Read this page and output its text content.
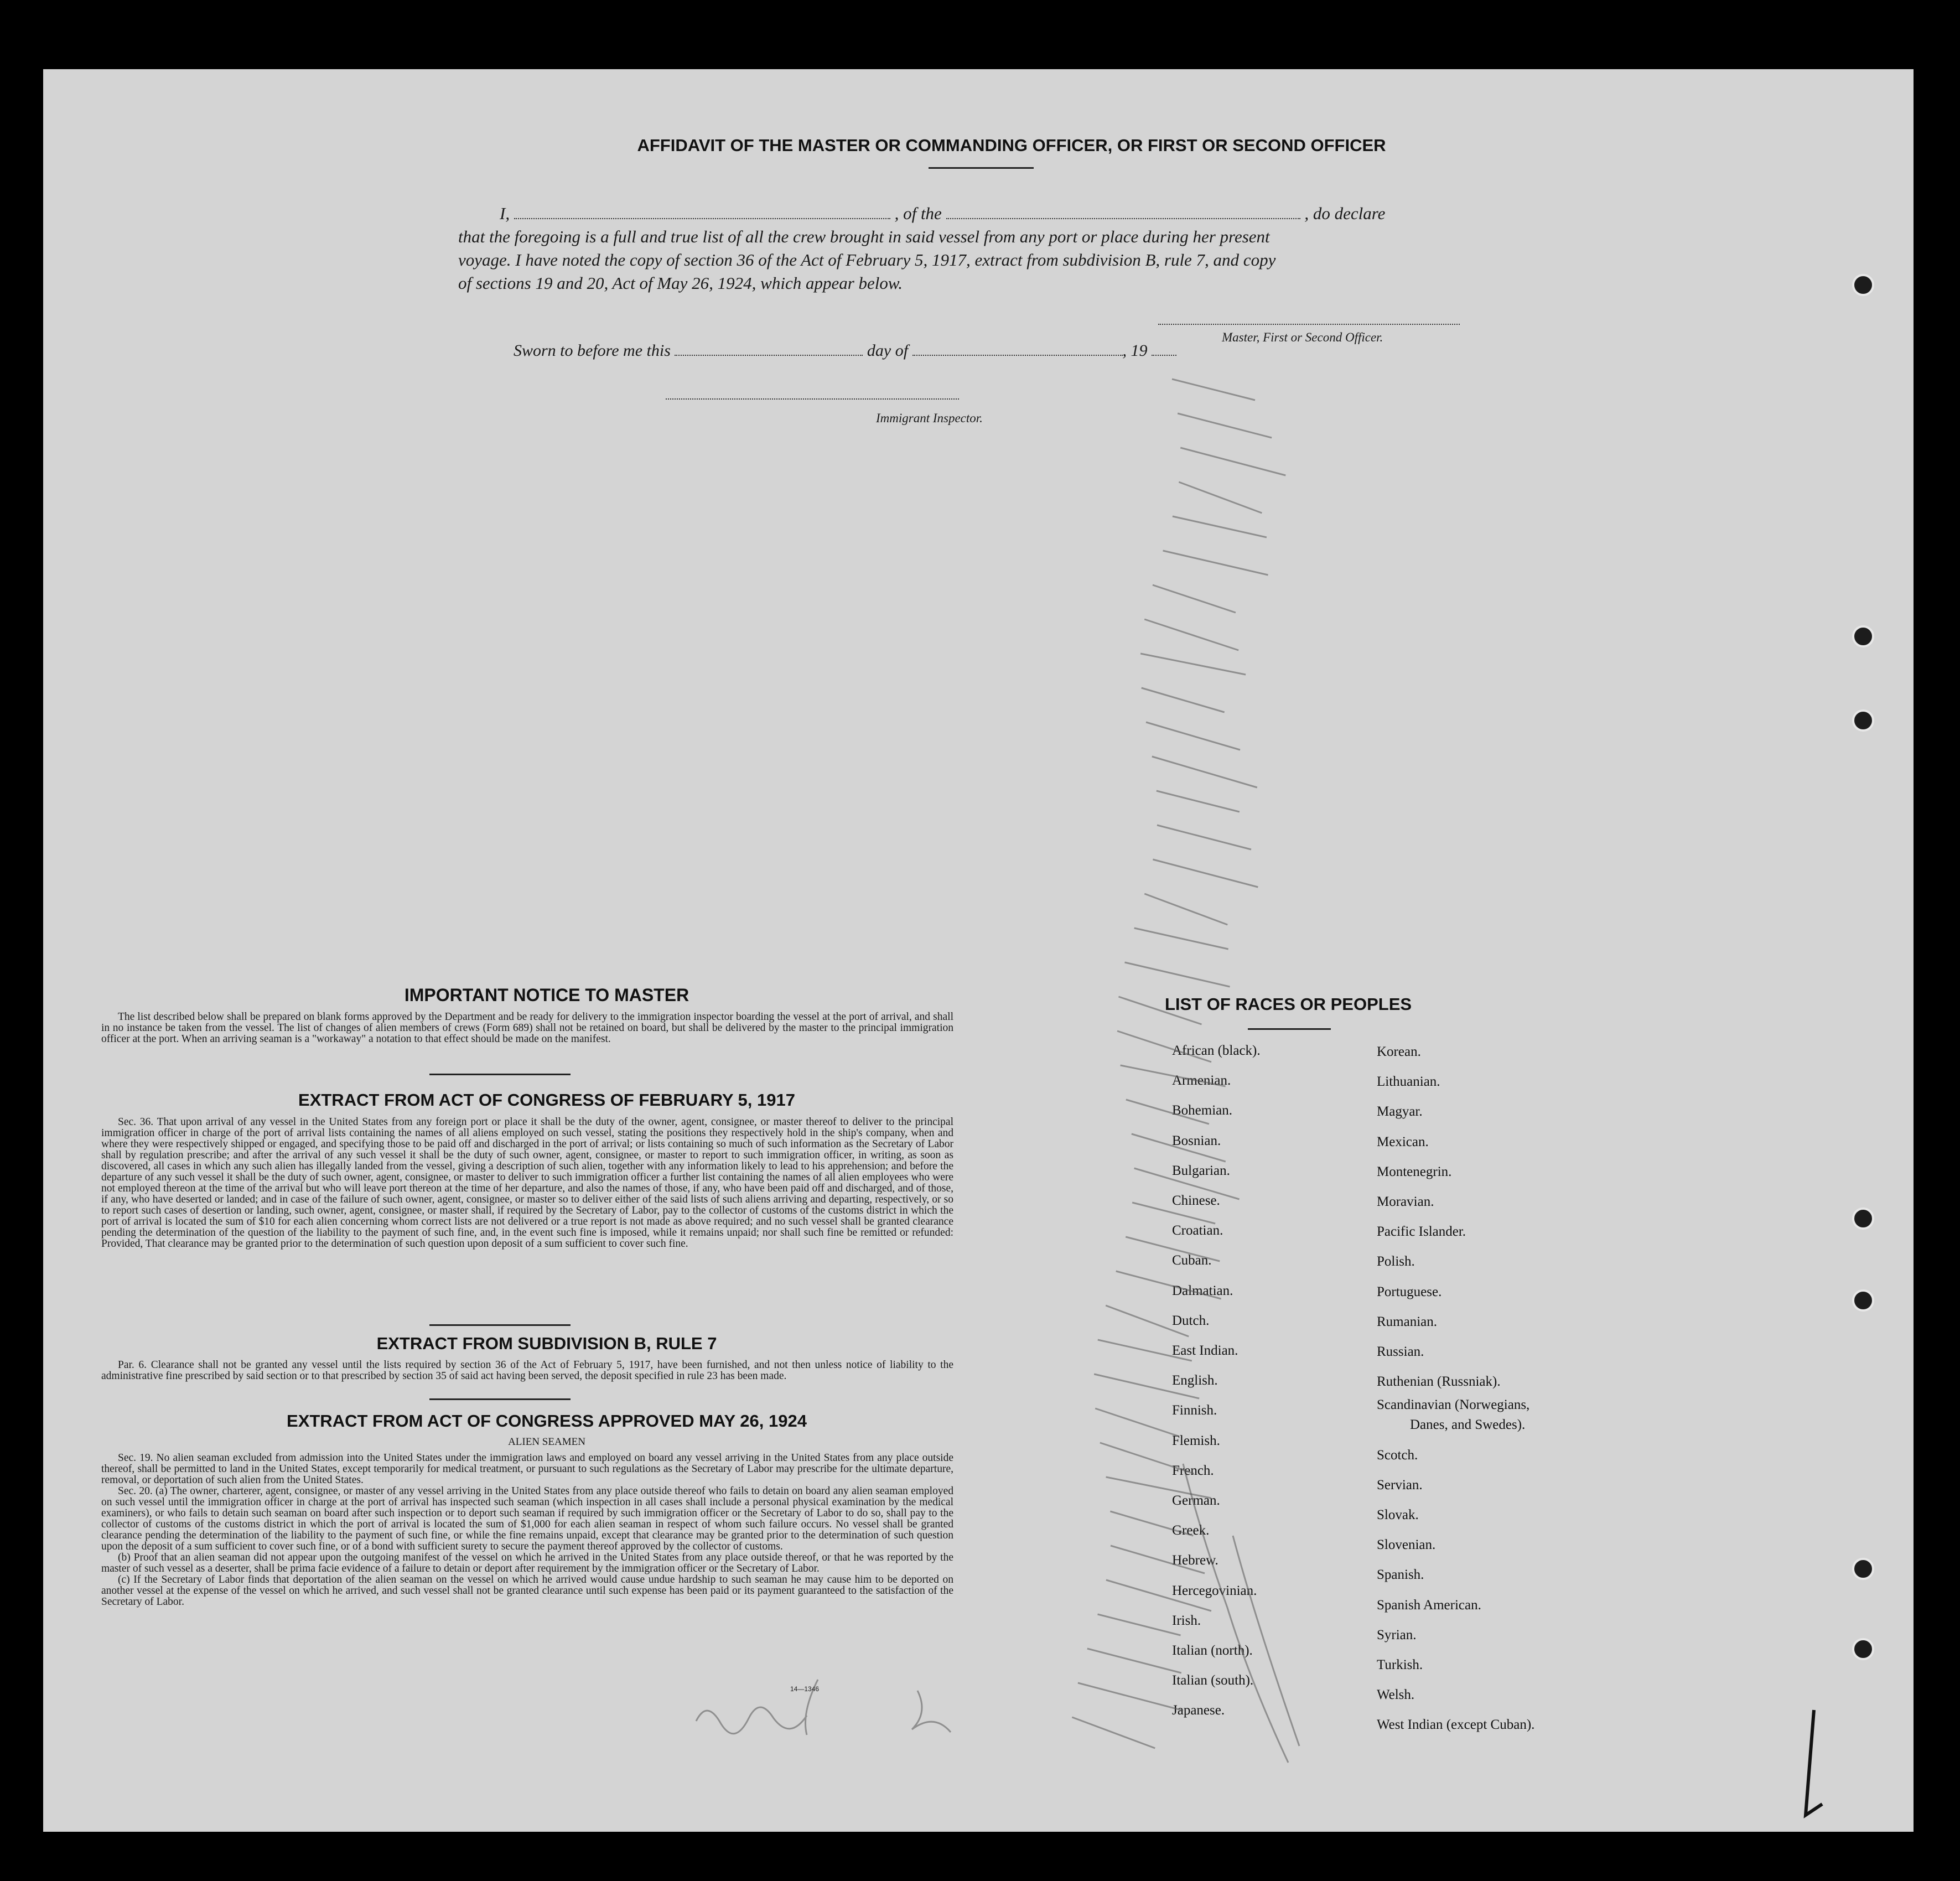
AFFIDAVIT OF THE MASTER OR COMMANDING OFFICER, OR FIRST OR SECOND OFFICER
I,	, of the	, do declare
that the foregoing is a full and true list of all the crew brought in said vessel from any port or place during her present
voyage. I have noted the copy of section 36 of the Act of February 5, 1917, extract from subdivision B, rule 7, and copy
of sections 19 and 20, Act of May 26, 1924, which appear below.
Master, First or Second Officer.
Sworn to before me this	day of	, 19
Immigrant Inspector.
IMPORTANT NOTICE TO MASTER

The list described below shall be prepared on blank forms approved by the Department and be ready for delivery to the immigration inspector boarding the vessel at the port of arrival, and shall in no instance be taken from the vessel. The list of changes of alien members of crews (Form 689) shall not be retained on board, but shall be delivered by the master to the principal immigration officer at the port. When an arriving seaman is a "workaway" a notation to that effect should be made on the manifest.

EXTRACT FROM ACT OF CONGRESS OF FEBRUARY 5, 1917

Sec. 36. That upon arrival of any vessel in the United States from any foreign port or place it shall be the duty of the owner, agent, consignee, or master thereof to deliver to the principal immigration officer in charge of the port of arrival lists containing the names of all aliens employed on such vessel, stating the positions they respectively hold in the ship's company, when and where they were respectively shipped or engaged, and specifying those to be paid off and discharged in the port of arrival; or lists containing so much of such information as the Secretary of Labor shall by regulation prescribe; and after the arrival of any such vessel it shall be the duty of such owner, agent, consignee, or master to report to such immigration officer, in writing, as soon as discovered, all cases in which any such alien has illegally landed from the vessel, giving a description of such alien, together with any information likely to lead to his apprehension; and before the departure of any such vessel it shall be the duty of such owner, agent, consignee, or master to deliver to such immigration officer a further list containing the names of all alien employees who were not employed thereon at the time of the arrival but who will leave port thereon at the time of her departure, and also the names of those, if any, who have been paid off and discharged, and of those, if any, who have deserted or landed; and in case of the failure of such owner, agent, consignee, or master so to deliver either of the said lists of such aliens arriving and departing, respectively, or so to report such cases of desertion or landing, such owner, agent, consignee, or master shall, if required by the Secretary of Labor, pay to the collector of customs of the customs district in which the port of arrival is located the sum of $10 for each alien concerning whom correct lists are not delivered or a true report is not made as above required; and no such vessel shall be granted clearance pending the determination of the question of the liability to the payment of such fine, and, in the event such fine is imposed, while it remains unpaid; nor shall such fine be remitted or refunded: Provided, That clearance may be granted prior to the determination of such question upon deposit of a sum sufficient to cover such fine.

EXTRACT FROM SUBDIVISION B, RULE 7

Par. 6. Clearance shall not be granted any vessel until the lists required by section 36 of the Act of February 5, 1917, have been furnished, and not then unless notice of liability to the administrative fine prescribed by said section or to that prescribed by section 35 of said act having been served, the deposit specified in rule 23 has been made.

EXTRACT FROM ACT OF CONGRESS APPROVED MAY 26, 1924
ALIEN SEAMEN

Sec. 19. No alien seaman excluded from admission into the United States under the immigration laws and employed on board any vessel arriving in the United States from any place outside thereof, shall be permitted to land in the United States, except temporarily for medical treatment, or pursuant to such regulations as the Secretary of Labor may prescribe for the ultimate departure, removal, or deportation of such alien from the United States.

Sec. 20. (a) The owner, charterer, agent, consignee, or master of any vessel arriving in the United States from any place outside thereof who fails to detain on board any alien seaman employed on such vessel until the immigration officer in charge at the port of arrival has inspected such seaman (which inspection in all cases shall include a personal physical examination by the medical examiners), or who fails to detain such seaman on board after such inspection or to deport such seaman if required by such immigration officer or the Secretary of Labor to do so, shall pay to the collector of customs of the customs district in which the port of arrival is located the sum of $1,000 for each alien seaman in respect of whom such failure occurs. No vessel shall be granted clearance pending the determination of the liability to the payment of such fine, or while the fine remains unpaid, except that clearance may be granted prior to the determination of such question upon the deposit of a sum sufficient to cover such fine, or of a bond with sufficient surety to secure the payment thereof approved by the collector of customs.

(b) Proof that an alien seaman did not appear upon the outgoing manifest of the vessel on which he arrived in the United States from any place outside thereof, or that he was reported by the master of such vessel as a deserter, shall be prima facie evidence of a failure to detain or deport after requirement by the immigration officer or the Secretary of Labor.

(c) If the Secretary of Labor finds that deportation of the alien seaman on the vessel on which he arrived would cause undue hardship to such seaman he may cause him to be deported on another vessel at the expense of the vessel on which he arrived, and such vessel shall not be granted clearance until such expense has been paid or its payment guaranteed to the satisfaction of the Secretary of Labor.

14—1346
LIST OF RACES OR PEOPLES
African (black).
Armenian.
Bohemian.
Bosnian.
Bulgarian.
Chinese.
Croatian.
Cuban.
Dalmatian.
Dutch.
East Indian.
English.
Finnish.
Flemish.
French.
German.
Greek.
Hebrew.
Hercegovinian.
Irish.
Italian (north).
Italian (south).
Japanese.
Korean.
Lithuanian.
Magyar.
Mexican.
Montenegrin.
Moravian.
Pacific Islander.
Polish.
Portuguese.
Rumanian.
Russian.
Ruthenian (Russniak).
Scandinavian (Norwegians,
Danes, and Swedes).
Scotch.
Servian.
Slovak.
Slovenian.
Spanish.
Spanish American.
Syrian.
Turkish.
Welsh.
West Indian (except Cuban).
